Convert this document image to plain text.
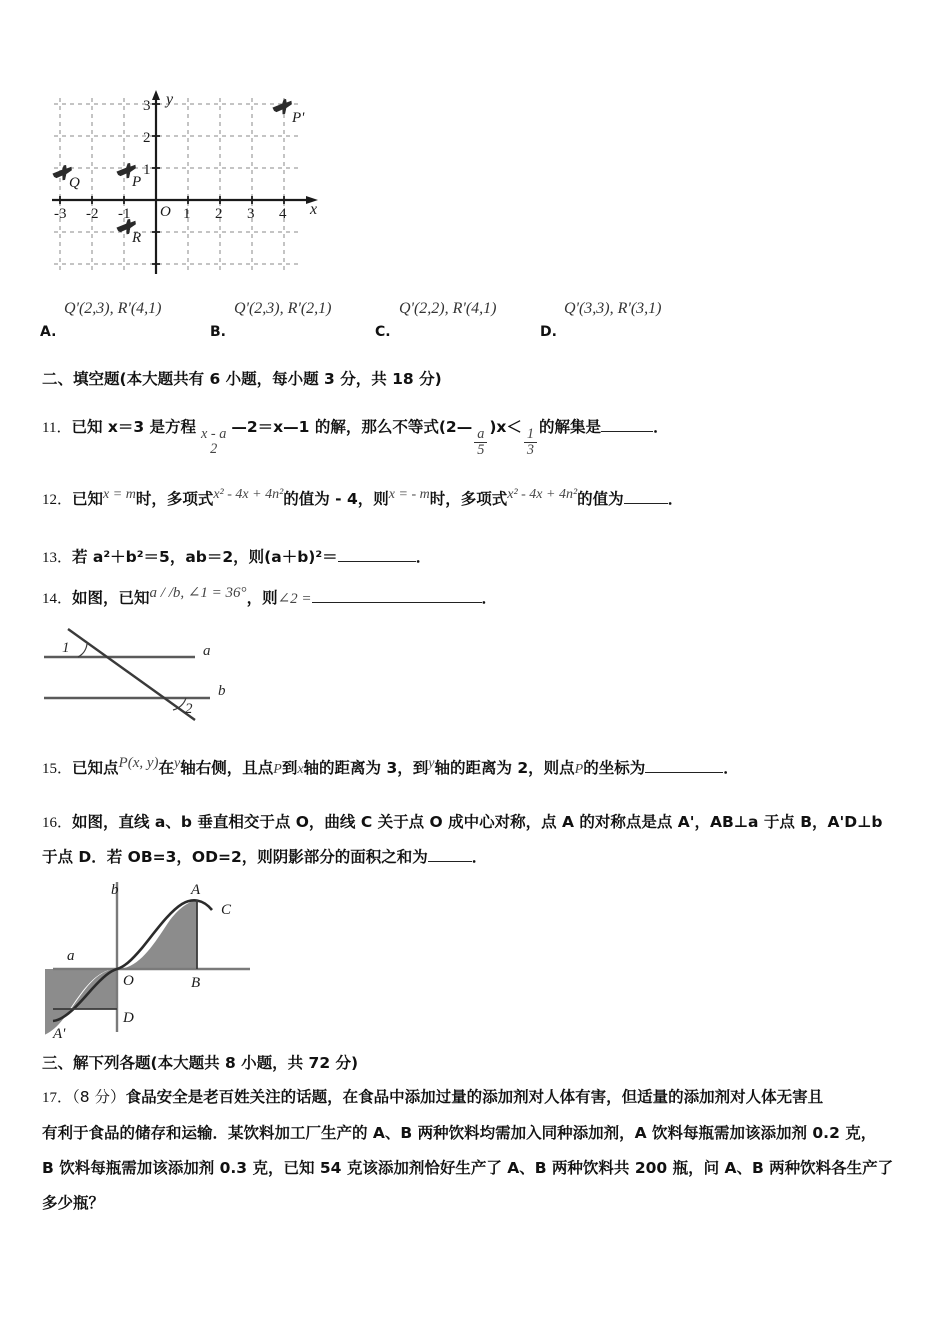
y
x
O
P'
Q	P
R
-3 -2 -1	1 2 3 4
3
2
1
A.
Q'(2,3), R'(4,1)
B.
Q'(2,3), R'(2,1)
C.
Q'(2,2), R'(4,1)
D.
Q'(3,3), R'(3,1)
二、填空题(本大题共有 6 小题，每小题 3 分，共 18 分)
11．已知 x＝3 是方程 x - a
2
—2＝x—1 的解，那么不等式(2—
$\frac{a}{5}$
)x＜
$\frac{1}{3}$
的解集是	．
12．已知x = m时，多项式x² - 4x + 4n²的值为 - 4，则x = - m时，多项式x² - 4x + 4n²的值为	．
13．若 a²＋b²＝5，ab＝2，则(a＋b)²＝	．
14．如图，已知a / /b, ∠1 = 36°，则∠2 =	．
1
2
a
b
15．已知点P(x, y)在y轴右侧，且点P到x轴的距离为 3，到y轴的距离为 2，则点P的坐标为	．
16．如图，直线 a、b 垂直相交于点 O，曲线 C 关于点 O 成中心对称，点 A 的对称点是点 A'，AB⊥a 于点 B，A'D⊥b
于点 D．若 OB=3，OD=2，则阴影部分的面积之和为	．
b
a
A
C
O	B
D
A'
三、解下列各题(本大题共 8 小题，共 72 分)
17．（8 分）食品安全是老百姓关注的话题，在食品中添加过量的添加剂对人体有害，但适量的添加剂对人体无害且
有利于食品的储存和运输．某饮料加工厂生产的 A、B 两种饮料均需加入同种添加剂，A 饮料每瓶需加该添加剂 0.2 克，
B 饮料每瓶需加该添加剂 0.3 克，已知 54 克该添加剂恰好生产了 A、B 两种饮料共 200 瓶，问 A、B 两种饮料各生产了
多少瓶？
